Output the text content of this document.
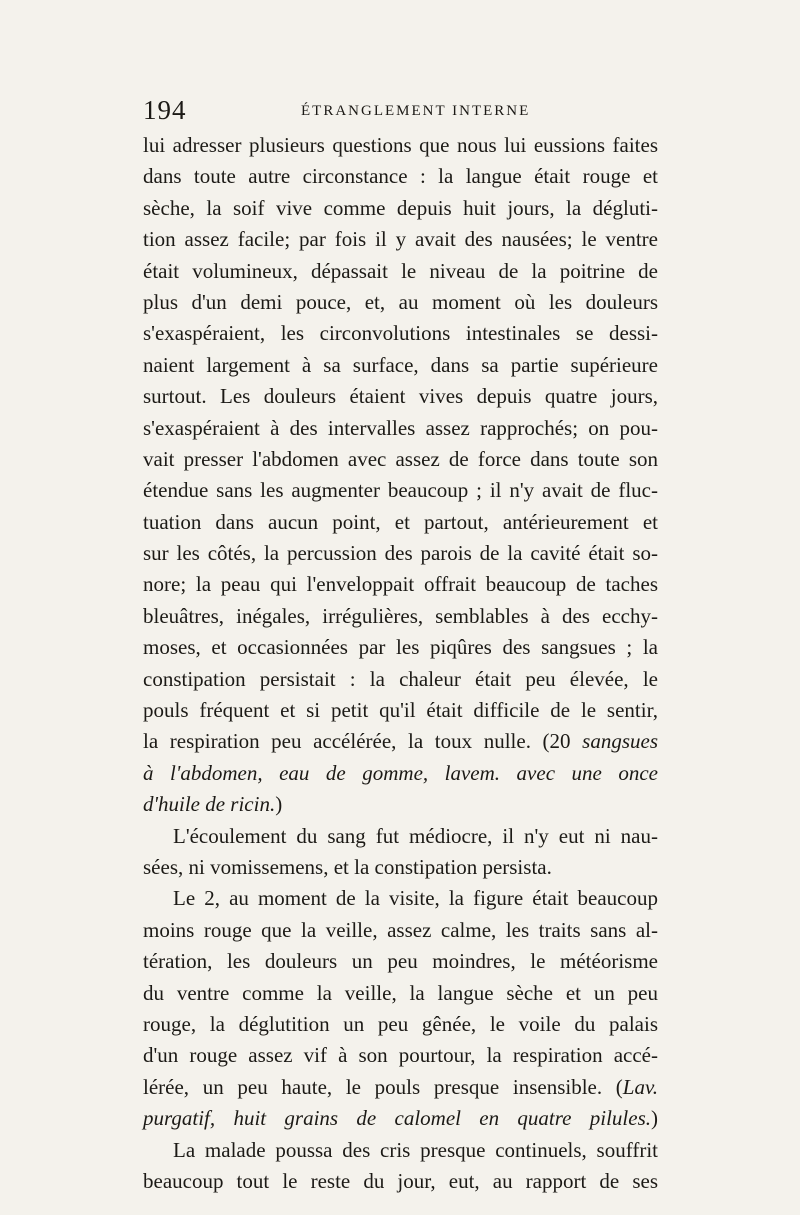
194	ÉTRANGLEMENT INTERNE
lui adresser plusieurs questions que nous lui eussions faites
dans toute autre circonstance : la langue était rouge et
sèche, la soif vive comme depuis huit jours, la dégluti-
tion assez facile; par fois il y avait des nausées; le ventre
était volumineux, dépassait le niveau de la poitrine de
plus d'un demi pouce, et, au moment où les douleurs
s'exaspéraient, les circonvolutions intestinales se dessi-
naient largement à sa surface, dans sa partie supérieure
surtout. Les douleurs étaient vives depuis quatre jours,
s'exaspéraient à des intervalles assez rapprochés; on pou-
vait presser l'abdomen avec assez de force dans toute son
étendue sans les augmenter beaucoup ; il n'y avait de fluc-
tuation dans aucun point, et partout, antérieurement et
sur les côtés, la percussion des parois de la cavité était so-
nore; la peau qui l'enveloppait offrait beaucoup de taches
bleuâtres, inégales, irrégulières, semblables à des ecchy-
moses, et occasionnées par les piqûres des sangsues ; la
constipation persistait : la chaleur était peu élevée, le
pouls fréquent et si petit qu'il était difficile de le sentir,
la respiration peu accélérée, la toux nulle. (20 sangsues
à l'abdomen, eau de gomme, lavem. avec une once
d'huile de ricin.)
L'écoulement du sang fut médiocre, il n'y eut ni nau-
sées, ni vomissemens, et la constipation persista.
Le 2, au moment de la visite, la figure était beaucoup
moins rouge que la veille, assez calme, les traits sans al-
tération, les douleurs un peu moindres, le météorisme
du ventre comme la veille, la langue sèche et un peu
rouge, la déglutition un peu gênée, le voile du palais
d'un rouge assez vif à son pourtour, la respiration accé-
lérée, un peu haute, le pouls presque insensible. (Lav.
purgatif, huit grains de calomel en quatre pilules.)
La malade poussa des cris presque continuels, souffrit
beaucoup tout le reste du jour, eut, au rapport de ses
